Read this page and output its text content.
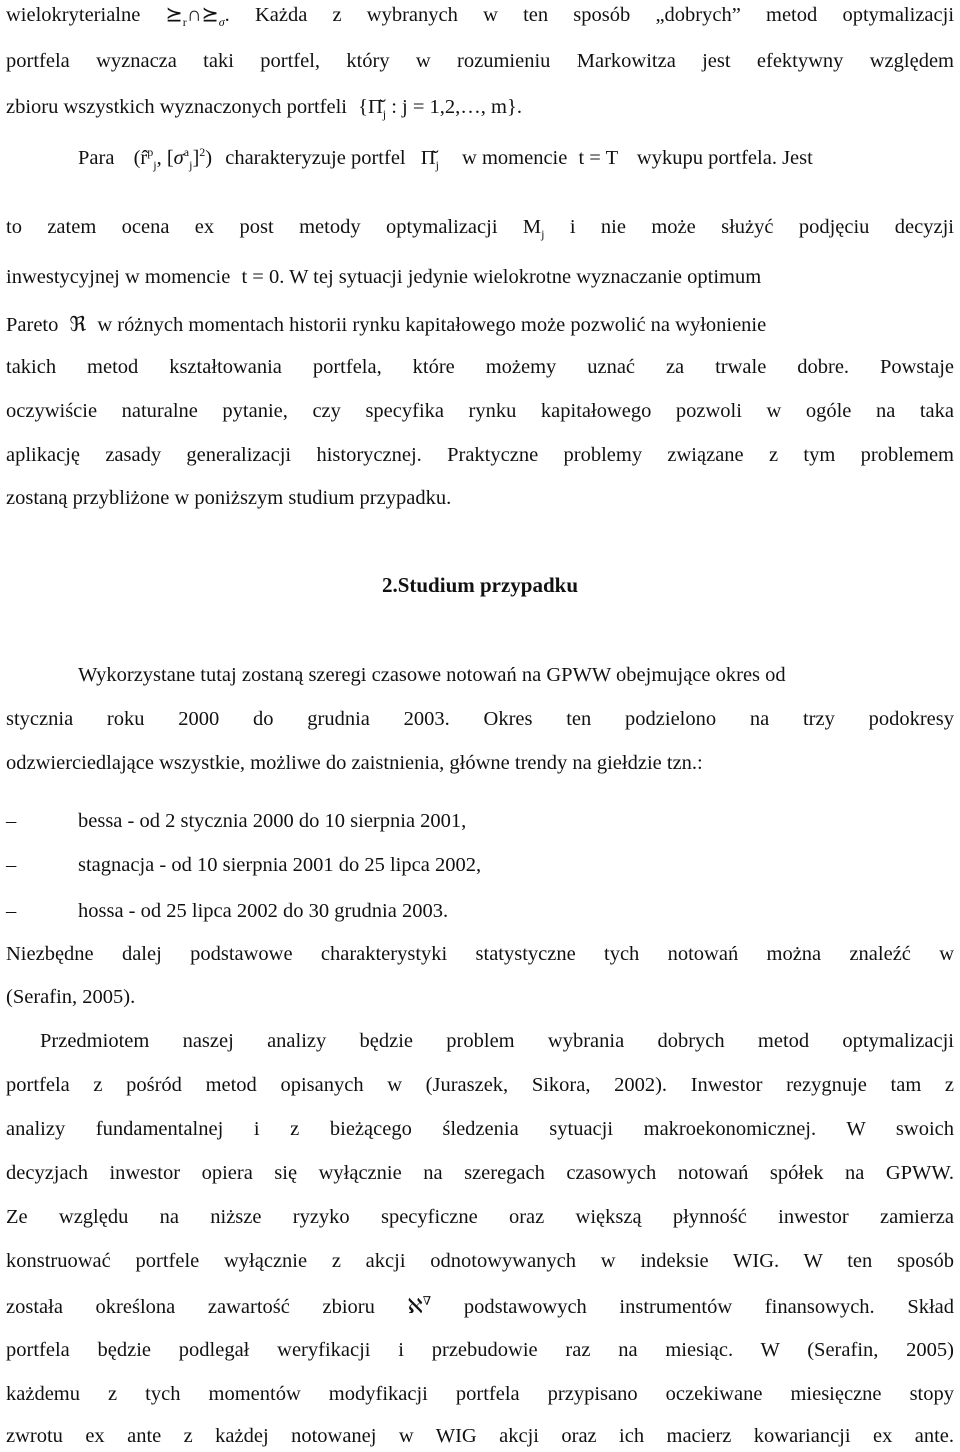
wielokryterialne $⪰_r\cap⪰_\sigma$. Każda z wybranych w ten sposób „dobrych” metod optymalizacji
portfela wyznacza taki portfel, który w rozumieniu Markowitza jest efektywny względem
zbioru wszystkich wyznaczonych portfeli {$\Pĭ_j$ : j = 1,2,…, m}.
Para (r̂$^p_j$, $[\sigma^a_j]^2$) charakteryzuje portfel $\Pĭ_j$ w momencie t = T wykupu portfela. Jest
to zatem ocena ex post metody optymalizacji $M_j$ i nie może służyć podjęciu decyzji
inwestycyjnej w momencie t = 0. W tej sytuacji jedynie wielokrotne wyznaczanie optimum
Pareto ℜ w różnych momentach historii rynku kapitałowego może pozwolić na wyłonienie
takich metod kształtowania portfela, które możemy uznać za trwale dobre. Powstaje
oczywiście naturalne pytanie, czy specyfika rynku kapitałowego pozwoli w ogóle na taka
aplikację zasady generalizacji historycznej. Praktyczne problemy związane z tym problemem
zostaną przybliżone w poniższym studium przypadku.
2.Studium przypadku
Wykorzystane tutaj zostaną szeregi czasowe notowań na GPWW obejmujące okres od
stycznia roku 2000 do grudnia 2003. Okres ten podzielono na trzy podokresy
odzwierciedlające wszystkie, możliwe do zaistnienia, główne trendy na giełdzie tzn.:
–	bessa - od 2 stycznia 2000 do 10 sierpnia 2001,
–	stagnacja - od 10 sierpnia 2001 do 25 lipca 2002,
–	hossa - od 25 lipca 2002 do 30 grudnia 2003.
Niezbędne dalej podstawowe charakterystyki statystyczne tych notowań można znaleźć w
(Serafin, 2005).
Przedmiotem naszej analizy będzie problem wybrania dobrych metod optymalizacji
portfela z pośród metod opisanych w (Juraszek, Sikora, 2002). Inwestor rezygnuje tam z
analizy fundamentalnej i z bieżącego śledzenia sytuacji makroekonomicznej. W swoich
decyzjach inwestor opiera się wyłącznie na szeregach czasowych notowań spółek na GPWW.
Ze względu na niższe ryzyko specyficzne oraz większą płynność inwestor zamierza
konstruować portfele wyłącznie z akcji odnotowywanych w indeksie WIG. W ten sposób
została określona zawartość zbioru ℵ∇ podstawowych instrumentów finansowych. Skład
portfela będzie podlegał weryfikacji i przebudowie raz na miesiąc. W (Serafin, 2005)
każdemu z tych momentów modyfikacji portfela przypisano oczekiwane miesięczne stopy
zwrotu ex ante z każdej notowanej w WIG akcji oraz ich macierz kowariancji ex ante.
